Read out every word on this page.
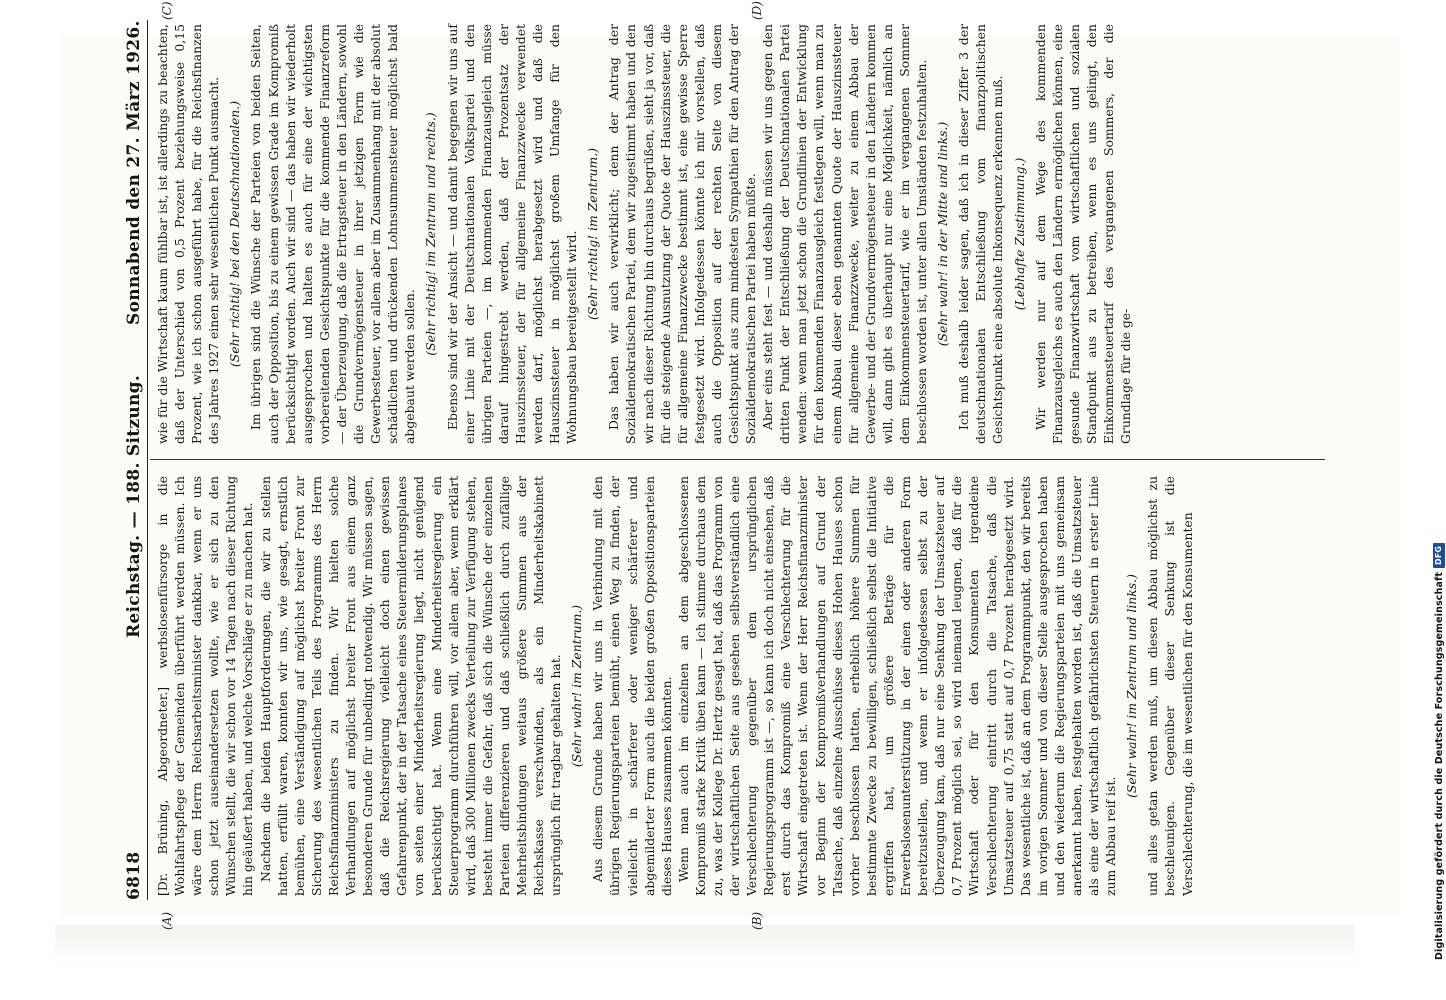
6818
Reichstag. — 188. Sitzung.
Sonnabend den 27. März 1926.
(A)	(B)
(C)	(D)

[Dr. Brüning, Abgeordneter.] werbslosenfürsorge in die Wohlfahrtspflege der Gemeinden überführt werden müssen. Ich wäre dem Herrn Reichsarbeitsminister dankbar, wenn er uns schon jetzt auseinandersetzen wollte, wie er sich zu den Wünschen stellt, die wir schon vor 14 Tagen nach dieser Richtung hin geäußert haben, und welche Vorschläge er zu machen hat. Nachdem die beiden Hauptforderungen, die wir zu stellen hatten, erfüllt waren, konnten wir uns, wie gesagt, ernstlich bemühen, eine Verständigung auf möglichst breiter Front zur Sicherung des wesentlichen Teils des Programms des Herrn Reichsfinanzministers zu finden. Wir hielten solche Verhandlungen auf möglichst breiter Front aus einem ganz besonderen Grunde für unbedingt notwendig. Wir müssen sagen, daß die Reichsregierung vielleicht doch einen gewissen Gefahrenpunkt, der in der Tatsache eines Steuermilderungsplanes von seiten einer Minderheitsregierung liegt, nicht genügend berücksichtigt hat. Wenn eine Minderheitsregierung ein Steuerprogramm durchführen will, vor allem aber, wenn erklärt wird, daß 300 Millionen zwecks Verteilung zur Verfügung stehen, besteht immer die Gefahr, daß sich die Wünsche der einzelnen Parteien differenzieren und daß schließlich durch zufällige Mehrheitsbindungen weitaus größere Summen aus der Reichskasse verschwinden, als ein Minderheitskabinett ursprünglich für tragbar gehalten hat. (Sehr wahr! im Zentrum.) Aus diesem Grunde haben wir uns in Verbindung mit den übrigen Regierungsparteien bemüht, einen Weg zu finden, der vielleicht in schärferer oder weniger schärferer und abgemilderter Form auch die beiden großen Oppositionsparteien dieses Hauses zusammen könnten. Wenn man auch im einzelnen an dem abgeschlossenen Kompromiß starke Kritik üben kann — ich stimme durchaus dem zu, was der Kollege Dr. Hertz gesagt hat, daß das Programm von der wirtschaftlichen Seite aus gesehen selbstverständlich eine Verschlechterung gegenüber dem ursprünglichen Regierungsprogramm ist —, so kann ich doch nicht einsehen, daß erst durch das Kompromiß eine Verschlechterung für die Wirtschaft eingetreten ist. Wenn der Herr Reichsfinanzminister vor Beginn der Kompromißverhandlungen auf Grund der Tatsache, daß einzelne Ausschüsse dieses Hohen Hauses schon vorher beschlossen hatten, erheblich höhere Summen für bestimmte Zwecke zu bewilligen, schließlich selbst die Initiative ergriffen hat, um größere Beträge für die Erwerbslosenunterstützung in der einen oder anderen Form bereitzustellen, und wenn er infolgedessen selbst zu der Überzeugung kam, daß nur eine Senkung der Umsatzsteuer auf 0,7 Prozent möglich sei, so wird niemand leugnen, daß für die Wirtschaft oder für den Konsumenten irgendeine Verschlechterung eintritt durch die Tatsache, daß die Umsatzsteuer auf 0,75 statt auf 0,7 Prozent herabgesetzt wird. Das wesentliche ist, daß an dem Programmpunkt, den wir bereits im vorigen Sommer und von dieser Stelle ausgesprochen haben und den wiederum die Regierungsparteien mit uns gemeinsam anerkannt haben, festgehalten worden ist, daß die Umsatzsteuer als eine der wirtschaftlich gefährlichsten Steuern in erster Linie zum Abbau reif ist.

(Sehr wahr! im Zentrum und links.) und alles getan werden muß, um diesen Abbau möglichst zu beschleunigen. Gegenüber dieser Senkung ist die Verschlechterung, die im wesentlichen für den Konsumenten

wie für die Wirtschaft kaum fühlbar ist, ist allerdings zu beachten, daß der Unterschied von 0,5 Prozent beziehungsweise 0,15 Prozent, wie ich schon ausgeführt habe, für die Reichsfinanzen des Jahres 1927 einen sehr wesentlichen Punkt ausmacht. (Sehr richtig! bei den Deutschnationalen.) Im übrigen sind die Wünsche der Parteien von beiden Seiten, auch der Opposition, bis zu einem gewissen Grade im Kompromiß berücksichtigt worden. Auch wir sind — das haben wir wiederholt ausgesprochen und halten es auch für eine der wichtigsten vorbereitenden Gesichtspunkte für die kommende Finanzreform — der Überzeugung, daß die Ertragsteuer in den Ländern, sowohl die Grundvermögensteuer in ihrer jetzigen Form wie die Gewerbesteuer, vor allem aber im Zusammenhang mit der absolut schädlichen und drückenden Lohnsummensteuer möglichst bald abgebaut werden sollen.

(Sehr richtig! im Zentrum und rechts.) Ebenso sind wir der Ansicht — und damit begegnen wir uns auf einer Linie mit der Deutschnationalen Volkspartei und den übrigen Parteien —, im kommenden Finanzausgleich müsse darauf hingestrebt werden, daß der Prozentsatz der Hauszinssteuer, der für allgemeine Finanzzwecke verwendet werden darf, möglichst herabgesetzt wird und daß die Hauszinssteuer in möglichst großem Umfange für den Wohnungsbau bereitgestellt wird. (Sehr richtig! im Zentrum.) Das haben wir auch verwirklicht; denn der Antrag der Sozialdemokratischen Partei, dem wir zugestimmt haben und den wir nach dieser Richtung hin durchaus begrüßen, sieht ja vor, daß für die steigende Ausnutzung der Quote der Hauszinssteuer, die für allgemeine Finanzzwecke bestimmt ist, eine gewisse Sperre festgesetzt wird. Infolgedessen könnte ich mir vorstellen, daß auch die Opposition auf der rechten Seite von diesem Gesichtspunkt aus zum mindesten Sympathien für den Antrag der Sozialdemokratischen Partei haben müßte. Aber eins steht fest — und deshalb müssen wir uns gegen den dritten Punkt der Entschließung der Deutschnationalen Partei wenden: wenn man jetzt schon die Grundlinien der Entwicklung für den kommenden Finanzausgleich festlegen will, wenn man zu einem Abbau dieser eben genannten Quote der Hauszinssteuer für allgemeine Finanzzwecke, weiter zu einem Abbau der Gewerbe- und der Grundvermögensteuer in den Ländern kommen will, dann gibt es überhaupt nur eine Möglichkeit, nämlich an dem Einkommensteuertarif, wie er im vergangenen Sommer beschlossen worden ist, unter allen Umständen festzuhalten. (Sehr wahr! in der Mitte und links.) Ich muß deshalb leider sagen, daß ich in dieser Ziffer 3 der deutschnationalen Entschließung vom finanzpolitischen Gesichtspunkt eine absolute Inkonsequenz erkennen muß. (Lebhafte Zustimmung.) Wir werden nur auf dem Wege des kommenden Finanzausgleichs es auch den Ländern ermöglichen können, eine gesunde Finanzwirtschaft vom wirtschaftlichen und sozialen Standpunkt aus zu betreiben, wenn es uns gelingt, den Einkommensteuertarif des vergangenen Sommers, der die Grundlage für die ge-

Digitalisierung gefördert durch die Deutsche Forschungsgemeinschaft
DFG
